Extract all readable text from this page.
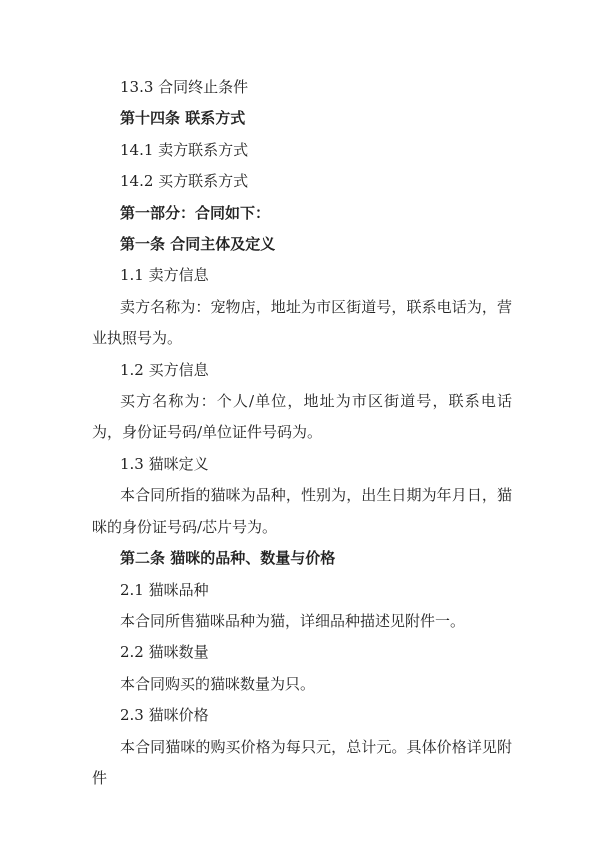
13.3 合同终止条件

第十四条 联系方式

14.1 卖方联系方式

14.2 买方联系方式

第一部分：合同如下：

第一条 合同主体及定义

1.1 卖方信息

卖方名称为：宠物店，地址为市区街道号，联系电话为，营业执照号为。

1.2 买方信息

买方名称为：个人/单位，地址为市区街道号，联系电话为，身份证号码/单位证件号码为。

1.3 猫咪定义

本合同所指的猫咪为品种，性别为，出生日期为年月日，猫咪的身份证号码/芯片号为。

第二条 猫咪的品种、数量与价格

2.1 猫咪品种

本合同所售猫咪品种为猫，详细品种描述见附件一。

2.2 猫咪数量

本合同购买的猫咪数量为只。

2.3 猫咪价格

本合同猫咪的购买价格为每只元，总计元。具体价格详见附件
